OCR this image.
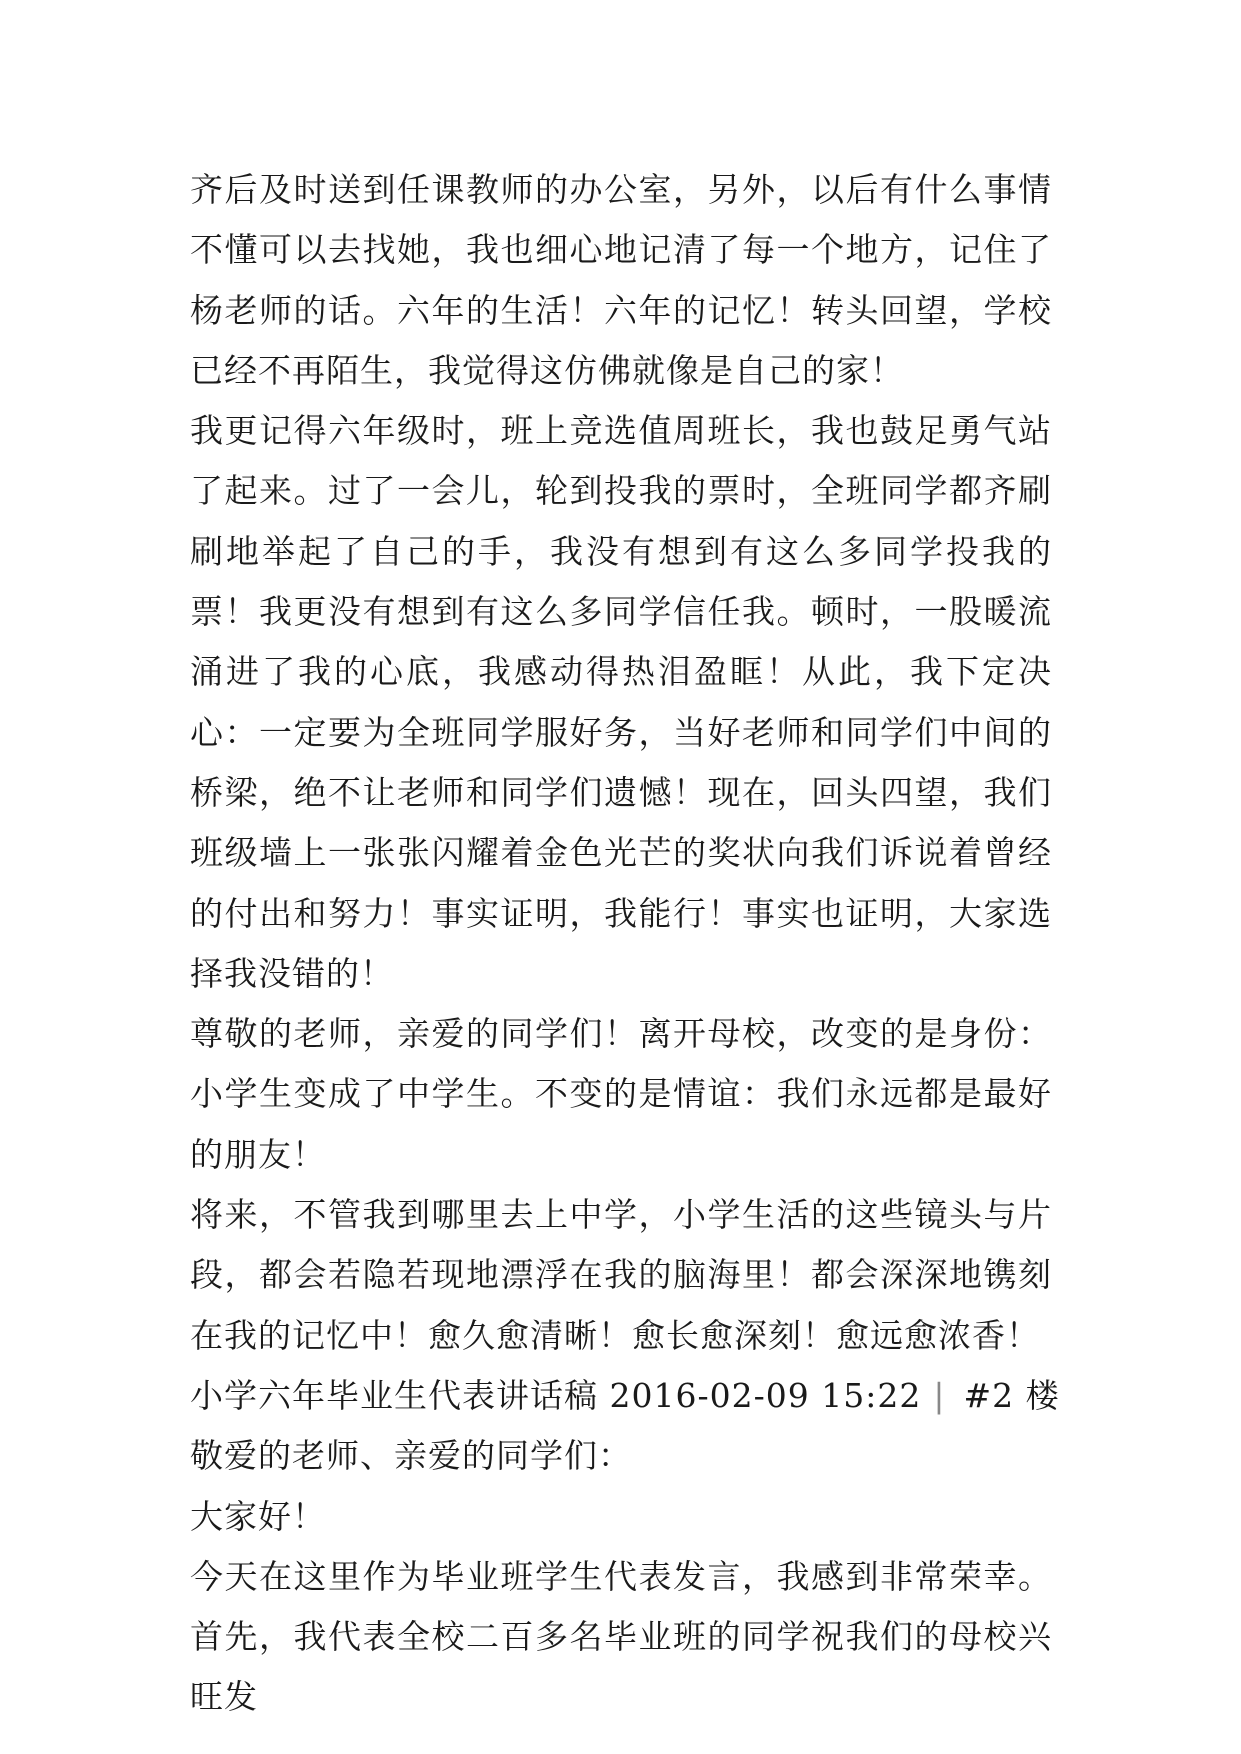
齐后及时送到任课教师的办公室，另外，以后有什么事情不懂可以去找她，我也细心地记清了每一个地方，记住了杨老师的话。六年的生活！六年的记忆！转头回望，学校已经不再陌生，我觉得这仿佛就像是自己的家！

我更记得六年级时，班上竞选值周班长，我也鼓足勇气站了起来。过了一会儿，轮到投我的票时，全班同学都齐刷刷地举起了自己的手，我没有想到有这么多同学投我的票！我更没有想到有这么多同学信任我。顿时，一股暖流涌进了我的心底，我感动得热泪盈眶！从此，我下定决心：一定要为全班同学服好务，当好老师和同学们中间的桥梁，绝不让老师和同学们遗憾！现在，回头四望，我们班级墙上一张张闪耀着金色光芒的奖状向我们诉说着曾经的付出和努力！事实证明，我能行！事实也证明，大家选择我没错的！

尊敬的老师，亲爱的同学们！离开母校，改变的是身份：小学生变成了中学生。不变的是情谊：我们永远都是最好的朋友！

将来，不管我到哪里去上中学，小学生活的这些镜头与片段，都会若隐若现地漂浮在我的脑海里！都会深深地镌刻在我的记忆中！愈久愈清晰！愈长愈深刻！愈远愈浓香！

小学六年毕业生代表讲话稿 2016-02-09 15:22 | #2 楼

敬爱的老师、亲爱的同学们：

大家好！

今天在这里作为毕业班学生代表发言，我感到非常荣幸。首先，我代表全校二百多名毕业班的同学祝我们的母校兴旺发
